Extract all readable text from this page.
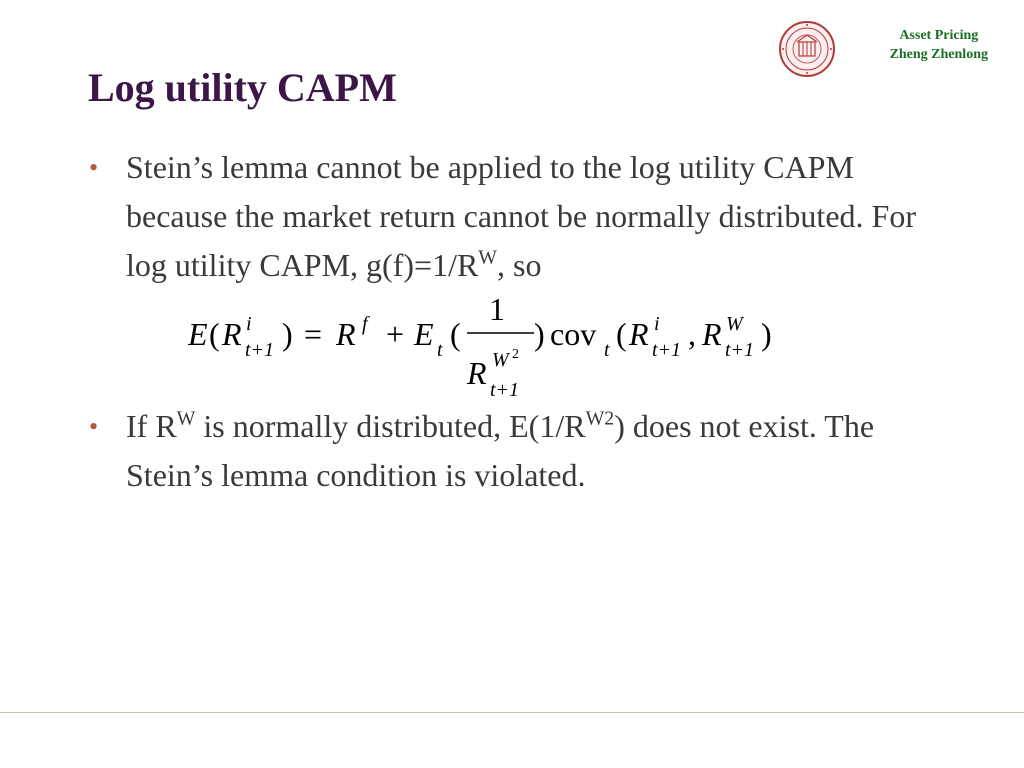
Log utility CAPM
Asset Pricing
Zheng Zhenlong
• Stein’s lemma cannot be applied to the log utility CAPM because the market return cannot be normally distributed. For log utility CAPM, $g(f)=1/R^W$, so
E ( R i
t+1 ) = R f + E t (
1
R W 2
t+1
) cov t ( R i
t+1 , R W
t+1 )
• If $R^W$ is normally distributed, $E(1/R^{W2})$ does not exist. The Stein’s lemma condition is violated.
